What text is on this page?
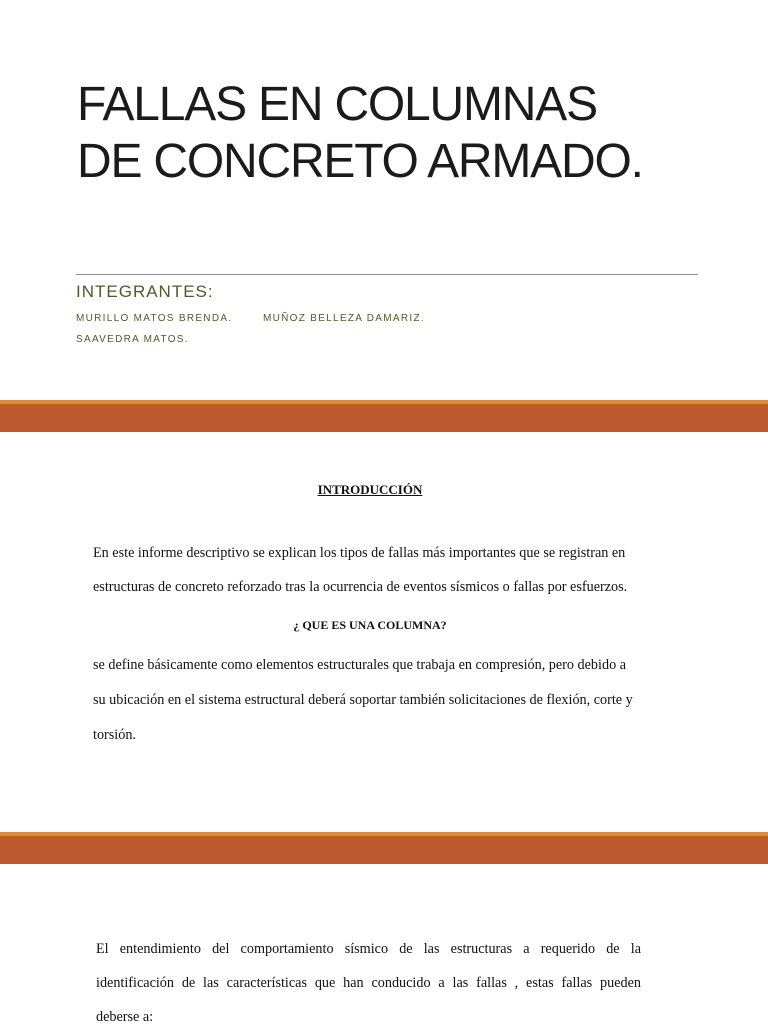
FALLAS EN COLUMNAS
DE CONCRETO ARMADO.
INTEGRANTES:
MURILLO MATOS BRENDA.	MUÑOZ BELLEZA DAMARIZ.
SAAVEDRA MATOS.
INTRODUCCIÓN
En este informe descriptivo se explican los tipos de fallas más importantes que se registran en
estructuras de concreto reforzado tras la ocurrencia de eventos sísmicos o fallas por esfuerzos.
¿ QUE ES UNA COLUMNA?
se define básicamente como elementos estructurales que trabaja en compresión, pero debido a
su ubicación en el sistema estructural deberá soportar también solicitaciones de flexión, corte y
torsión.
El entendimiento del comportamiento sísmico de las estructuras a requerido de la
identificación de las características que han conducido a las fallas , estas fallas pueden
deberse a:
